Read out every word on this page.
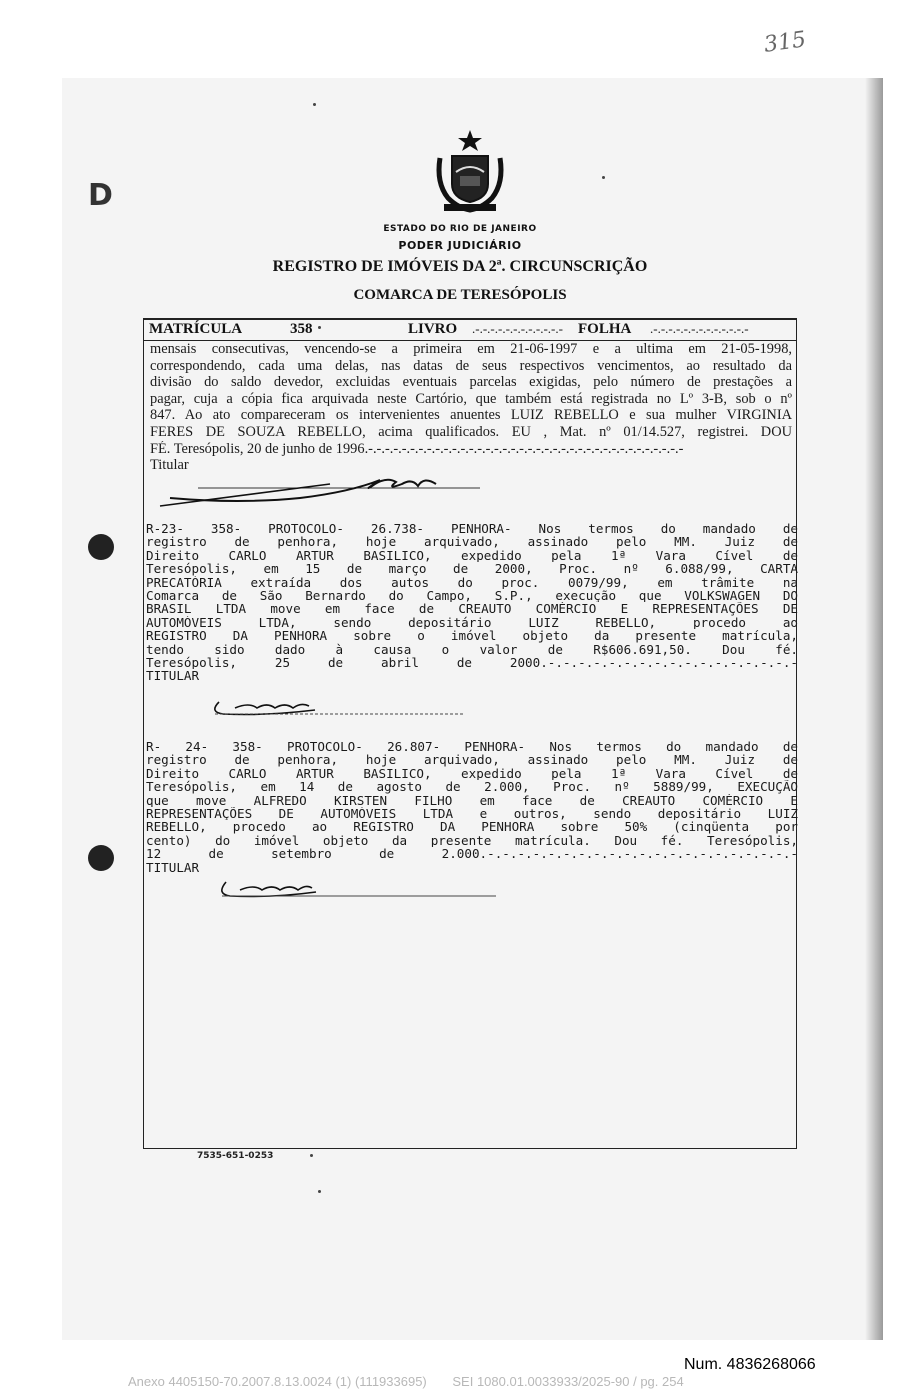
315
D
ESTADO DO RIO DE JANEIRO
PODER JUDICIÁRIO
REGISTRO DE IMÓVEIS DA 2ª. CIRCUNSCRIÇÃO
COMARCA DE TERESÓPOLIS
MATRÍCULA	358	LIVRO .-.-.-.-.-.-.-.-.-.-.-.- FOLHA .-.-.-.-.-.-.-.-.-.-.-.-.-
mensais consecutivas, vencendo-se a primeira em 21-06-1997 e a ultima em 21-05-1998,
correspondendo, cada uma delas, nas datas de seus respectivos vencimentos, ao resultado da
divisão do saldo devedor, excluidas eventuais parcelas exigidas, pelo número de prestações a
pagar, cuja a cópia fica arquivada neste Cartório, que também está registrada no Lº 3-B, sob o nº
847. Ao ato compareceram os intervenientes anuentes LUIZ REBELLO e sua mulher VIRGINIA
FERES DE SOUZA REBELLO, acima qualificados. EU , Mat. nº 01/14.527, registrei. DOU
FÉ. Teresópolis, 20 de junho de 1996.-.-.-.-.-.-.-.-.-.-.-.-.-.-.-.-.-.-.-.-.-.-.-.-.-.-.-.-.-.-.-.-.-.-.-.-.-.-
Titular
R-23- 358- PROTOCOLO- 26.738- PENHORA- Nos termos do mandado de
registro de penhora, hoje arquivado, assinado pelo MM. Juiz de
Direito CARLO ARTUR BASILICO, expedido pela 1ª Vara Cível de
Teresópolis, em 15 de março de 2000, Proc. nº 6.088/99, CARTA
PRECATÓRIA extraída dos autos do proc. 0079/99, em trâmite na
Comarca de São Bernardo do Campo, S.P., execução que VOLKSWAGEN DO
BRASIL LTDA move em face de CREAUTO COMÉRCIO E REPRESENTAÇÕES DE
AUTOMÓVEIS LTDA, sendo depositário LUIZ REBELLO, procedo ao
REGISTRO DA PENHORA sobre o imóvel objeto da presente matrícula,
tendo sido dado à causa o valor de R$606.691,50. Dou fé.
Teresópolis, 25 de abril de 2000.-.-.-.-.-.-.-.-.-.-.-.-.-.-.-.-.-
TITULAR
R- 24- 358- PROTOCOLO- 26.807- PENHORA- Nos termos do mandado de
registro de penhora, hoje arquivado, assinado pelo MM. Juiz de
Direito CARLO ARTUR BASILICO, expedido pela 1ª Vara Cível de
Teresópolis, em 14 de agosto de 2.000, Proc. nº 5889/99, EXECUÇÃO
que move ALFREDO KIRSTEN FILHO em face de CREAUTO COMÉRCIO E
REPRESENTAÇÕES DE AUTOMÓVEIS LTDA e outros, sendo depositário LUIZ
REBELLO, procedo ao REGISTRO DA PENHORA sobre 50% (cinqüenta por
cento) do imóvel objeto da presente matrícula. Dou fé. Teresópolis,
12 de setembro de 2.000.-.-.-.-.-.-.-.-.-.-.-.-.-.-.-.-.-.-.-.-.-
TITULAR
7535-651-0253
Num. 4836268066
Anexo 4405150-70.2007.8.13.0024 (1) (111933695) SEI 1080.01.0033933/2025-90 / pg. 254
